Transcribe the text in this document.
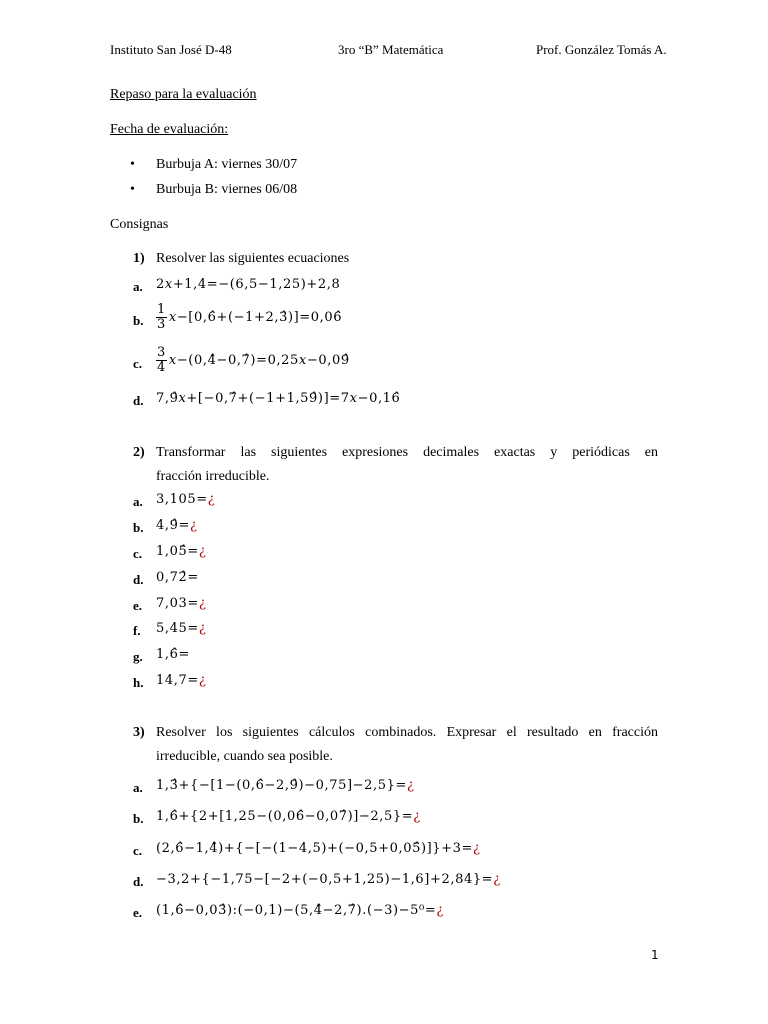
Instituto San José D-48	3ro “B” Matemática	Prof. González Tomás A.
Repaso para la evaluación
Fecha de evaluación:
• Burbuja A: viernes 30/07
• Burbuja B: viernes 06/08
Consignas
1) Resolver las siguientes ecuaciones
a. 2x+1,4=−(6,5−1,25)+2,8
b. $\frac{1}{3}$ x−[0,6̂+(−1+2,3̂)]=0,06̂
c. $\frac{3}{4}$ x−(0,4̂−0,7̂)=0,25x−0,09̂
d. 7,9̂x+[−0,7̂+(−1+1,59̂)]=7x−0,16̂
2) Transformar las siguientes expresiones decimales exactas y periódicas en
fracción irreducible.
a. 3,105=¿
b. 4,9̂=¿
c. 1,05̂=¿
d. 0,72̂=
e. 7,03=¿
f. 5,45=¿
g. 1,6̂=
h. 14,7=¿
3) Resolver los siguientes cálculos combinados. Expresar el resultado en fracción
irreducible, cuando sea posible.
a. 1,3̂+{−[1−(0,6̂−2,9̂)−0,75]−2,5}=¿
b. 1,6̂+{2+[1,25−(0,06̂−0,07̂)]−2,5}=¿
c. (2,6̂−1,4̂)+{−[−(1−4,5)+(−0,5+0,05̂)]}+3=¿
d. −3,2+{−1,75−[−2+(−0,5+1,25)−1,6]+2,84}=¿
e. (1,6̂−0,03̂):(−0,1)−(5,4̂−2,7̂).(−3)−5⁰=¿
1
